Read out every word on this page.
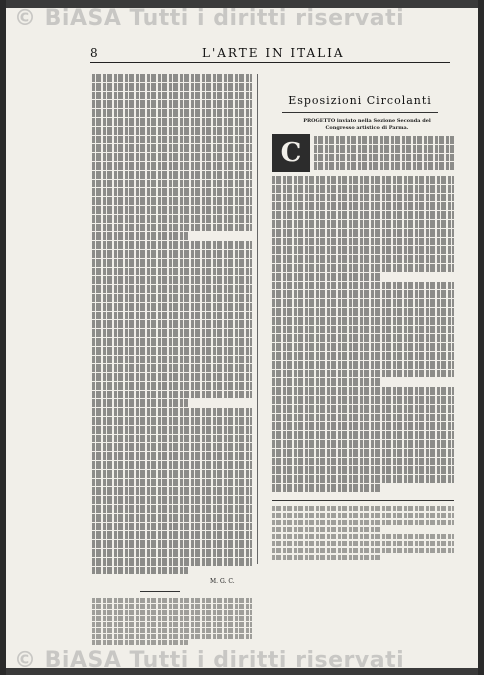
© BiASA Tutti i diritti riservati
8	L'ARTE IN ITALIA
M. G. C.
Esposizioni Circolanti
PROGETTO inviato nella Sezione Seconda del Congresso artistico di Parma.
C
© BiASA Tutti i diritti riservati
